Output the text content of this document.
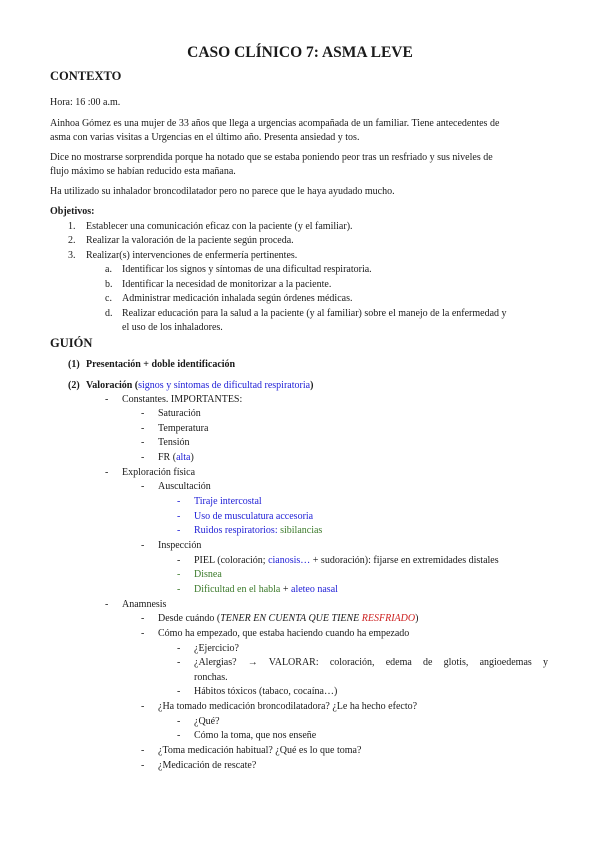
CASO CLÍNICO 7: ASMA LEVE
CONTEXTO
Hora: 16 :00 a.m.
Ainhoa Gómez es una mujer de 33 años que llega a urgencias acompañada de un familiar. Tiene antecedentes de
asma con varias visitas a Urgencias en el último año. Presenta ansiedad y tos.
Dice no mostrarse sorprendida porque ha notado que se estaba poniendo peor tras un resfriado y sus niveles de
flujo máximo se habían reducido esta mañana.
Ha utilizado su inhalador broncodilatador pero no parece que le haya ayudado mucho.
Objetivos:
1. Establecer una comunicación eficaz con la paciente (y el familiar).
2. Realizar la valoración de la paciente según proceda.
3. Realizar(s) intervenciones de enfermería pertinentes.
a. Identificar los signos y síntomas de una dificultad respiratoria.
b. Identificar la necesidad de monitorizar a la paciente.
c. Administrar medicación inhalada según órdenes médicas.
d. Realizar educación para la salud a la paciente (y al familiar) sobre el manejo de la enfermedad y
el uso de los inhaladores.
GUIÓN
(1) Presentación + doble identificación
(2) Valoración (signos y síntomas de dificultad respiratoria)
- Constantes. IMPORTANTES:
- Saturación
- Temperatura
- Tensión
- FR (alta)
- Exploración física
- Auscultación
- Tiraje intercostal
- Uso de musculatura accesoria
- Ruidos respiratorios: sibilancias
- Inspección
- PIEL (coloración; cianosis… + sudoración): fijarse en extremidades distales
- Disnea
- Dificultad en el habla + aleteo nasal
- Anamnesis
- Desde cuándo (TENER EN CUENTA QUE TIENE RESFRIADO)
- Cómo ha empezado, que estaba haciendo cuando ha empezado
- ¿Ejercicio?
- ¿Alergias? → VALORAR: coloración, edema de glotis, angioedemas y
ronchas.
- Hábitos tóxicos (tabaco, cocaína…)
- ¿Ha tomado medicación broncodilatadora? ¿Le ha hecho efecto?
- ¿Qué?
- Cómo la toma, que nos enseñe
- ¿Toma medicación habitual? ¿Qué es lo que toma?
- ¿Medicación de rescate?
